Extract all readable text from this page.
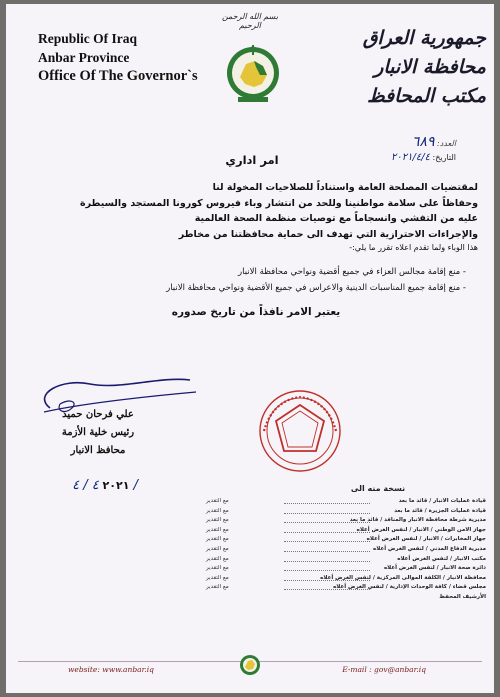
Republic Of Iraq
Anbar Province
Office Of The Governor`s
بسم الله الرحمن الرحيم
جمهورية العراق
محافظة الانبار
مكتب المحافظ
العدد: ٦٨٩
التاريخ: ٢٠٢١/٤/٤
امر اداري

لمقتضيات المصلحة العامة واستناداً للصلاحيات المخولة لنا

وحفاظاً على سلامة مواطنينا وللحد من انتشار وباء فيروس كورونا المستجد والسيطرة

عليه من التفشي وانسجاماً مع توصيات منظمة الصحة العالمية

والإجراءات الاحترازية التي تهدف الى حماية محافظتنا من مخاطر

هذا الوباء ولما تقدم اعلاه تقرر ما يلي:-

- منع إقامة مجالس العزاء في جميع أقضية ونواحي محافظة الانبار
- منع إقامة جميع المناسبات الدينية والاعراس في جميع الأقضية ونواحي محافظة الانبار
يعتبر الامر نافذاً من تاريخ صدوره
علي فرحان حميد
رئيس خلية الأزمة
محافظ الانبار
٢٠٢١ ٤ / ٤ /	نسخة منه الى
قيادة عمليات الانبار / قائد ما بعد
مع التقدير
قيادة عمليات الجزيرة / قائد ما بعد
مع التقدير
مديرية شرطة محافظة الانبار والمنافذ / قائد ما بعد
مع التقدير
جهاز الامن الوطني / الانبار / لنفس الغرض أعلاه
مع التقدير
جهاز المخابرات / الانبار / لنفس الغرض أعلاه
مع التقدير
مديرية الدفاع المدني / لنفس الغرض أعلاه
مع التقدير
مكتب الانبار / لنفس الغرض أعلاه
مع التقدير
دائرة صحة الانبار / لنفس الغرض أعلاه
مع التقدير
محافظة الانبار / الكلفة الموالى المركزية / لنفس الغرض أعلاه
مع التقدير
مجلس قضاء / كافة الوحدات الإدارية / لنفس الغرض أعلاه
مع التقدير
الأرشيف المحفظ
website: www.anbar.iq	E-mail : gov@anbar.iq
